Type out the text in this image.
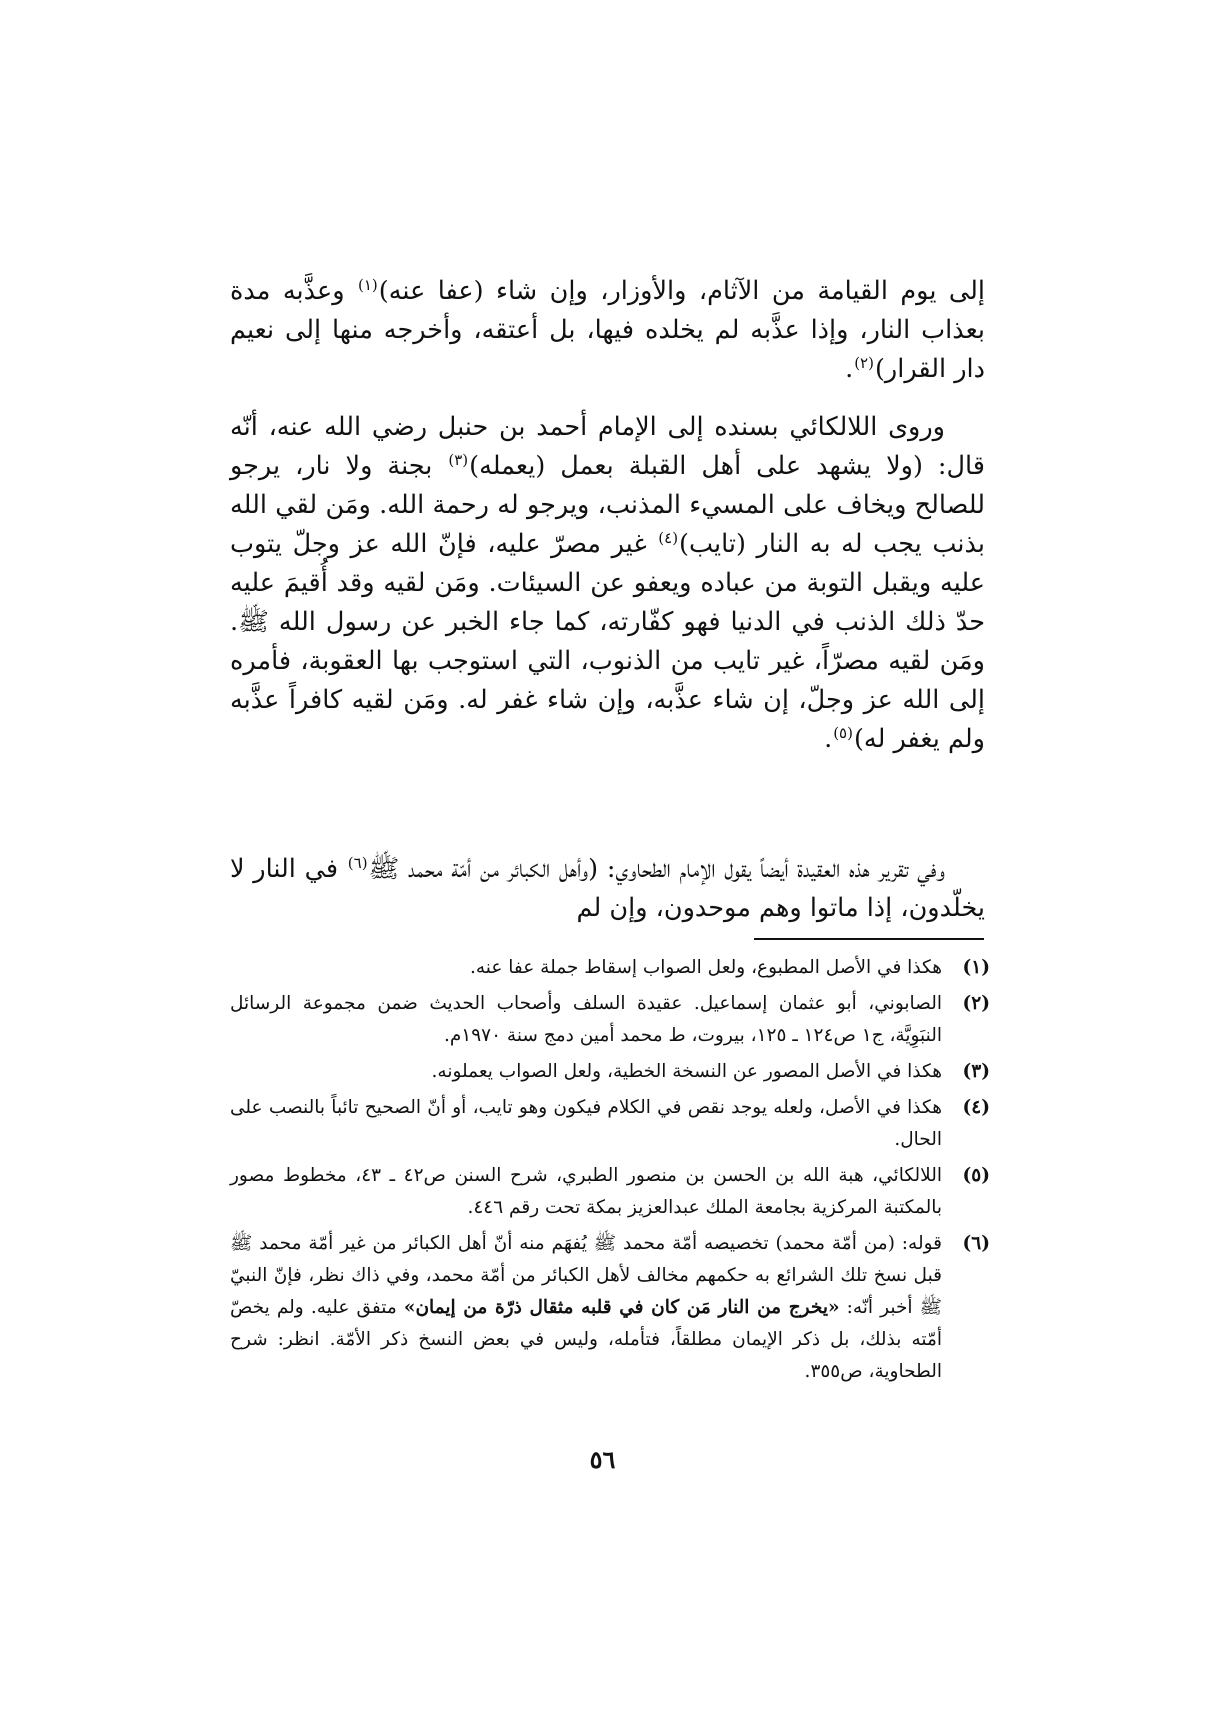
إلى يوم القيامة من الآثام، والأوزار، وإن شاء (عفا عنه)$^{(١)}$ وعذَّبه مدة بعذاب النار، وإذا عذَّبه لم يخلده فيها، بل أعتقه، وأخرجه منها إلى نعيم دار القرار)$^{(٢)}$.

وروى اللالكائي بسنده إلى الإمام أحمد بن حنبل رضي الله عنه، أنّه قال: (ولا يشهد على أهل القبلة بعمل (يعمله)$^{(٣)}$ بجنة ولا نار، يرجو للصالح ويخاف على المسيء المذنب، ويرجو له رحمة الله. ومَن لقي الله بذنب يجب له به النار (تايب)$^{(٤)}$ غير مصرّ عليه، فإنّ الله عز وجلّ يتوب عليه ويقبل التوبة من عباده ويعفو عن السيئات. ومَن لقيه وقد أُقيمَ عليه حدّ ذلك الذنب في الدنيا فهو كفّارته، كما جاء الخبر عن رسول الله ﷺ. ومَن لقيه مصرّاً، غير تايب من الذنوب، التي استوجب بها العقوبة، فأمره إلى الله عز وجلّ، إن شاء عذَّبه، وإن شاء غفر له. ومَن لقيه كافراً عذَّبه ولم يغفر له)$^{(٥)}$.

وفي تقرير هذه العقيدة أيضاً يقول الإمام الطحاوي: (وأهل الكبائر من أمّة محمد ﷺ$^{(٦)}$ في النار لا يخلّدون، إذا ماتوا وهم موحدون، وإن لم

(١)
هكذا في الأصل المطبوع، ولعل الصواب إسقاط جملة عفا عنه.
(٢)
الصابوني، أبو عثمان إسماعيل. عقيدة السلف وأصحاب الحديث ضمن مجموعة الرسائل النبَوِيَّة، ج١ ص١٢٤ ـ ١٢٥، بيروت، ط محمد أمين دمج سنة ١٩٧٠م.
(٣)
هكذا في الأصل المصور عن النسخة الخطية، ولعل الصواب يعملونه.
(٤)
هكذا في الأصل، ولعله يوجد نقص في الكلام فيكون وهو تايب، أو أنّ الصحيح تائباً بالنصب على الحال.
(٥)
اللالكائي، هبة الله بن الحسن بن منصور الطبري، شرح السنن ص٤٢ ـ ٤٣، مخطوط مصور بالمكتبة المركزية بجامعة الملك عبدالعزيز بمكة تحت رقم ٤٤٦.
(٦)
قوله: (من أمّة محمد) تخصيصه أمّة محمد ﷺ يُفهَم منه أنّ أهل الكبائر من غير أمّة محمد ﷺ قبل نسخ تلك الشرائع به حكمهم مخالف لأهل الكبائر من أمّة محمد، وفي ذاك نظر، فإنّ النبيّ ﷺ أخبر أنّه: «يخرج من النار مَن كان في قلبه مثقال ذرّة من إيمان» متفق عليه. ولم يخصّ أمّته بذلك، بل ذكر الإيمان مطلقاً، فتأمله، وليس في بعض النسخ ذكر الأمّة. انظر: شرح الطحاوية، ص٣٥٥.
٥٦
